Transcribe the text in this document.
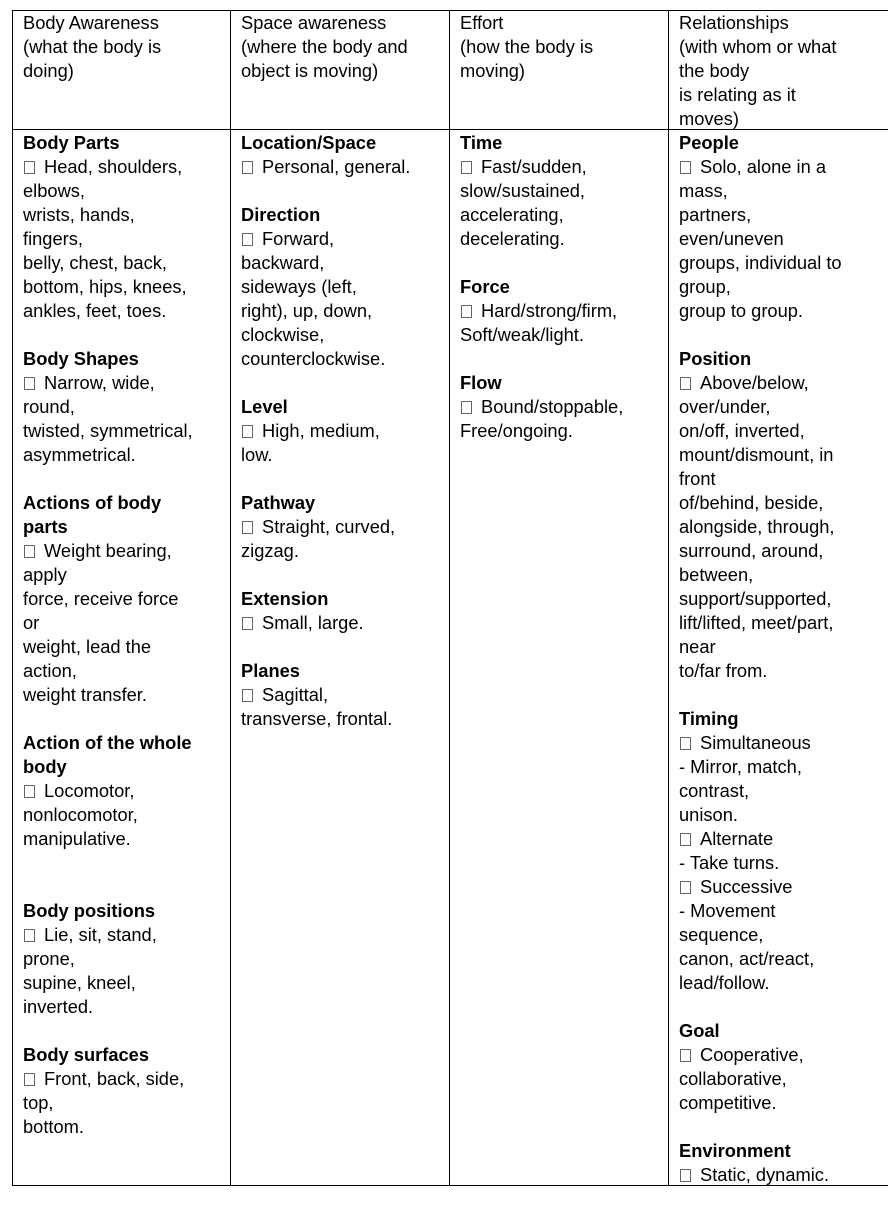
Body Awareness
(what the body is
doing)
Space awareness
(where the body and
object is moving)
Effort
(how the body is
moving)
Relationships
(with whom or what
the body
is relating as it
moves)
Body Parts
Head, shoulders,
elbows,
wrists, hands,
fingers,
belly, chest, back,
bottom, hips, knees,
ankles, feet, toes.
Body Shapes
Narrow, wide,
round,
twisted, symmetrical,
asymmetrical.
Actions of body
parts
Weight bearing,
apply
force, receive force
or
weight, lead the
action,
weight transfer.
Action of the whole
body
Locomotor,
nonlocomotor,
manipulative.
Body positions
Lie, sit, stand,
prone,
supine, kneel,
inverted.
Body surfaces
Front, back, side,
top,
bottom.
Location/Space
Personal, general.
Direction
Forward,
backward,
sideways (left,
right), up, down,
clockwise,
counterclockwise.
Level
High, medium,
low.
Pathway
Straight, curved,
zigzag.
Extension
Small, large.
Planes
Sagittal,
transverse, frontal.
Time
Fast/sudden,
slow/sustained,
accelerating,
decelerating.
Force
Hard/strong/firm,
Soft/weak/light.
Flow
Bound/stoppable,
Free/ongoing.
People
Solo, alone in a
mass,
partners,
even/uneven
groups, individual to
group,
group to group.
Position
Above/below,
over/under,
on/off, inverted,
mount/dismount, in
front
of/behind, beside,
alongside, through,
surround, around,
between,
support/supported,
lift/lifted, meet/part,
near
to/far from.
Timing
Simultaneous
- Mirror, match,
contrast,
unison.
Alternate
- Take turns.
Successive
- Movement
sequence,
canon, act/react,
lead/follow.
Goal
Cooperative,
collaborative,
competitive.
Environment
Static, dynamic.
